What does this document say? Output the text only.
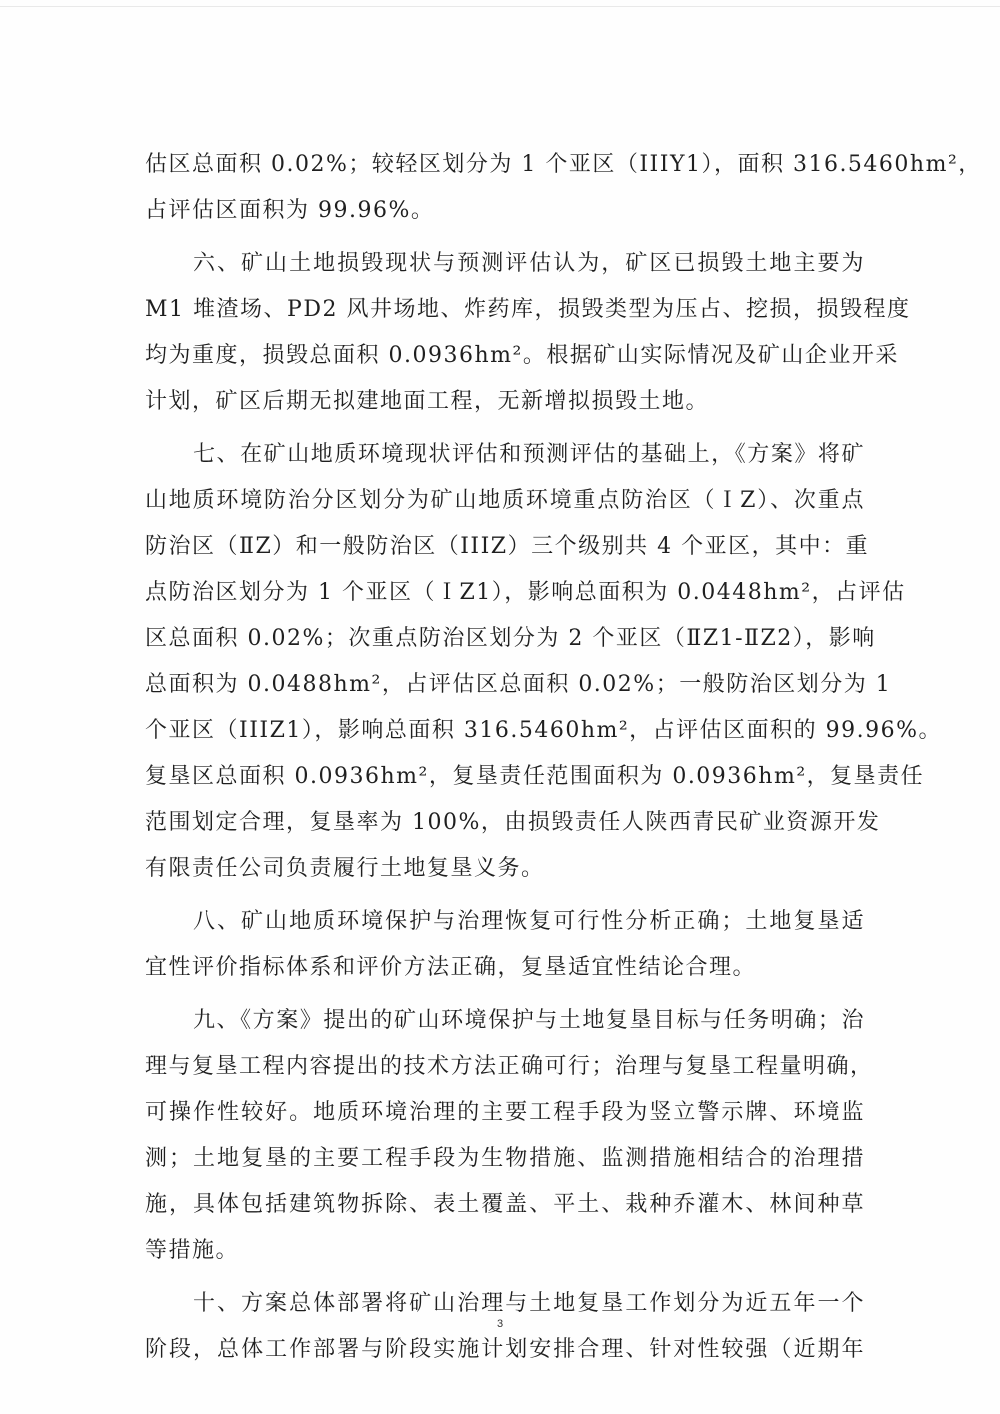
估区总面积 0.02%；较轻区划分为 1 个亚区（IIIY1），面积 316.5460hm²，
占评估区面积为 99.96%。
六、矿山土地损毁现状与预测评估认为，矿区已损毁土地主要为
M1 堆渣场、PD2 风井场地、炸药库，损毁类型为压占、挖损，损毁程度
均为重度，损毁总面积 0.0936hm²。根据矿山实际情况及矿山企业开采
计划，矿区后期无拟建地面工程，无新增拟损毁土地。
七、在矿山地质环境现状评估和预测评估的基础上，《方案》将矿
山地质环境防治分区划分为矿山地质环境重点防治区（ＩZ）、次重点
防治区（ⅡZ）和一般防治区（IIIZ）三个级别共 4 个亚区，其中：重
点防治区划分为 1 个亚区（ＩZ1），影响总面积为 0.0448hm²，占评估
区总面积 0.02%；次重点防治区划分为 2 个亚区（ⅡZ1-ⅡZ2），影响
总面积为 0.0488hm²，占评估区总面积 0.02%；一般防治区划分为 1
个亚区（IIIZ1），影响总面积 316.5460hm²，占评估区面积的 99.96%。
复垦区总面积 0.0936hm²，复垦责任范围面积为 0.0936hm²，复垦责任
范围划定合理，复垦率为 100%，由损毁责任人陕西青民矿业资源开发
有限责任公司负责履行土地复垦义务。
八、矿山地质环境保护与治理恢复可行性分析正确；土地复垦适
宜性评价指标体系和评价方法正确，复垦适宜性结论合理。
九、《方案》提出的矿山环境保护与土地复垦目标与任务明确；治
理与复垦工程内容提出的技术方法正确可行；治理与复垦工程量明确，
可操作性较好。地质环境治理的主要工程手段为竖立警示牌、环境监
测；土地复垦的主要工程手段为生物措施、监测措施相结合的治理措
施，具体包括建筑物拆除、表土覆盖、平土、栽种乔灌木、林间种草
等措施。
十、方案总体部署将矿山治理与土地复垦工作划分为近五年一个
阶段，总体工作部署与阶段实施计划安排合理、针对性较强（近期年
3
